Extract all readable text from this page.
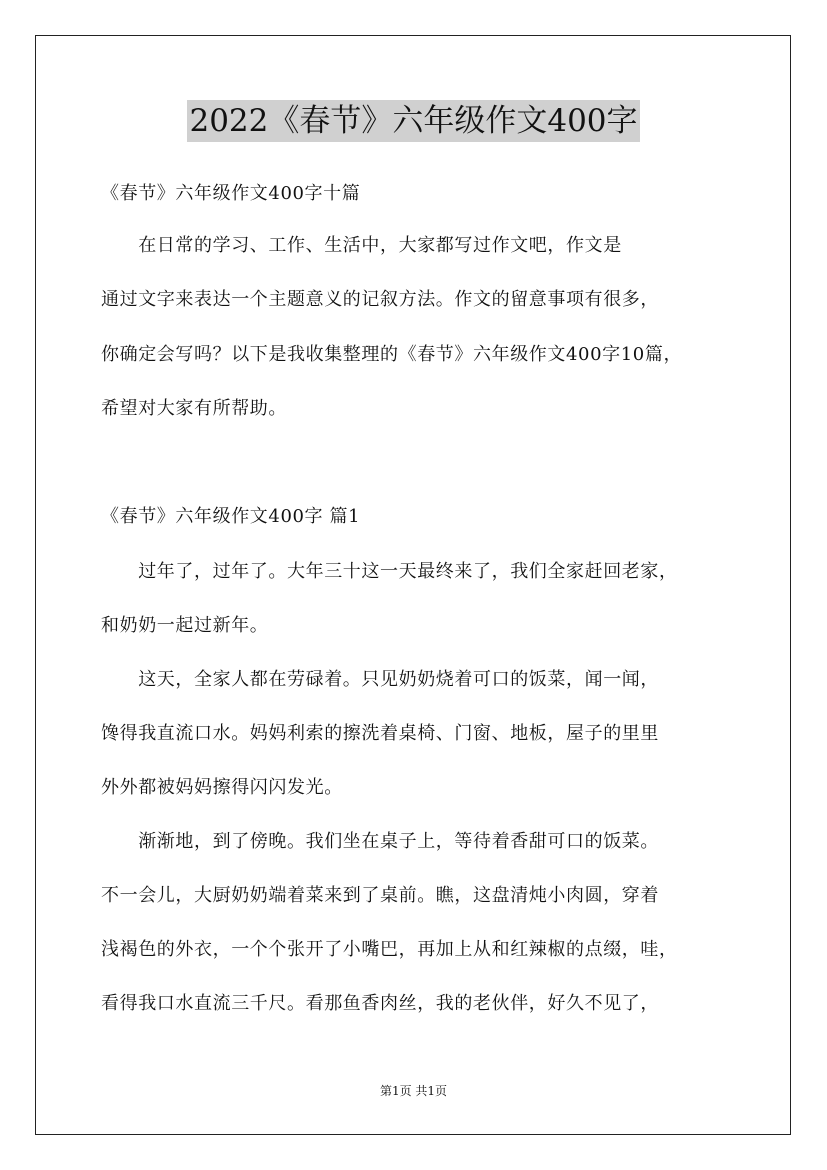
2022《春节》六年级作文400字
《春节》六年级作文400字十篇
　　在日常的学习、工作、生活中，大家都写过作文吧，作文是
通过文字来表达一个主题意义的记叙方法。作文的留意事项有很多，
你确定会写吗？以下是我收集整理的《春节》六年级作文400字10篇，
希望对大家有所帮助。
《春节》六年级作文400字 篇1
　　过年了，过年了。大年三十这一天最终来了，我们全家赶回老家，
和奶奶一起过新年。
　　这天，全家人都在劳碌着。只见奶奶烧着可口的饭菜，闻一闻，
馋得我直流口水。妈妈利索的擦洗着桌椅、门窗、地板，屋子的里里
外外都被妈妈擦得闪闪发光。
　　渐渐地，到了傍晚。我们坐在桌子上，等待着香甜可口的饭菜。
不一会儿，大厨奶奶端着菜来到了桌前。瞧，这盘清炖小肉圆，穿着
浅褐色的外衣，一个个张开了小嘴巴，再加上从和红辣椒的点缀，哇，
看得我口水直流三千尺。看那鱼香肉丝，我的老伙伴，好久不见了，
第1页 共1页
